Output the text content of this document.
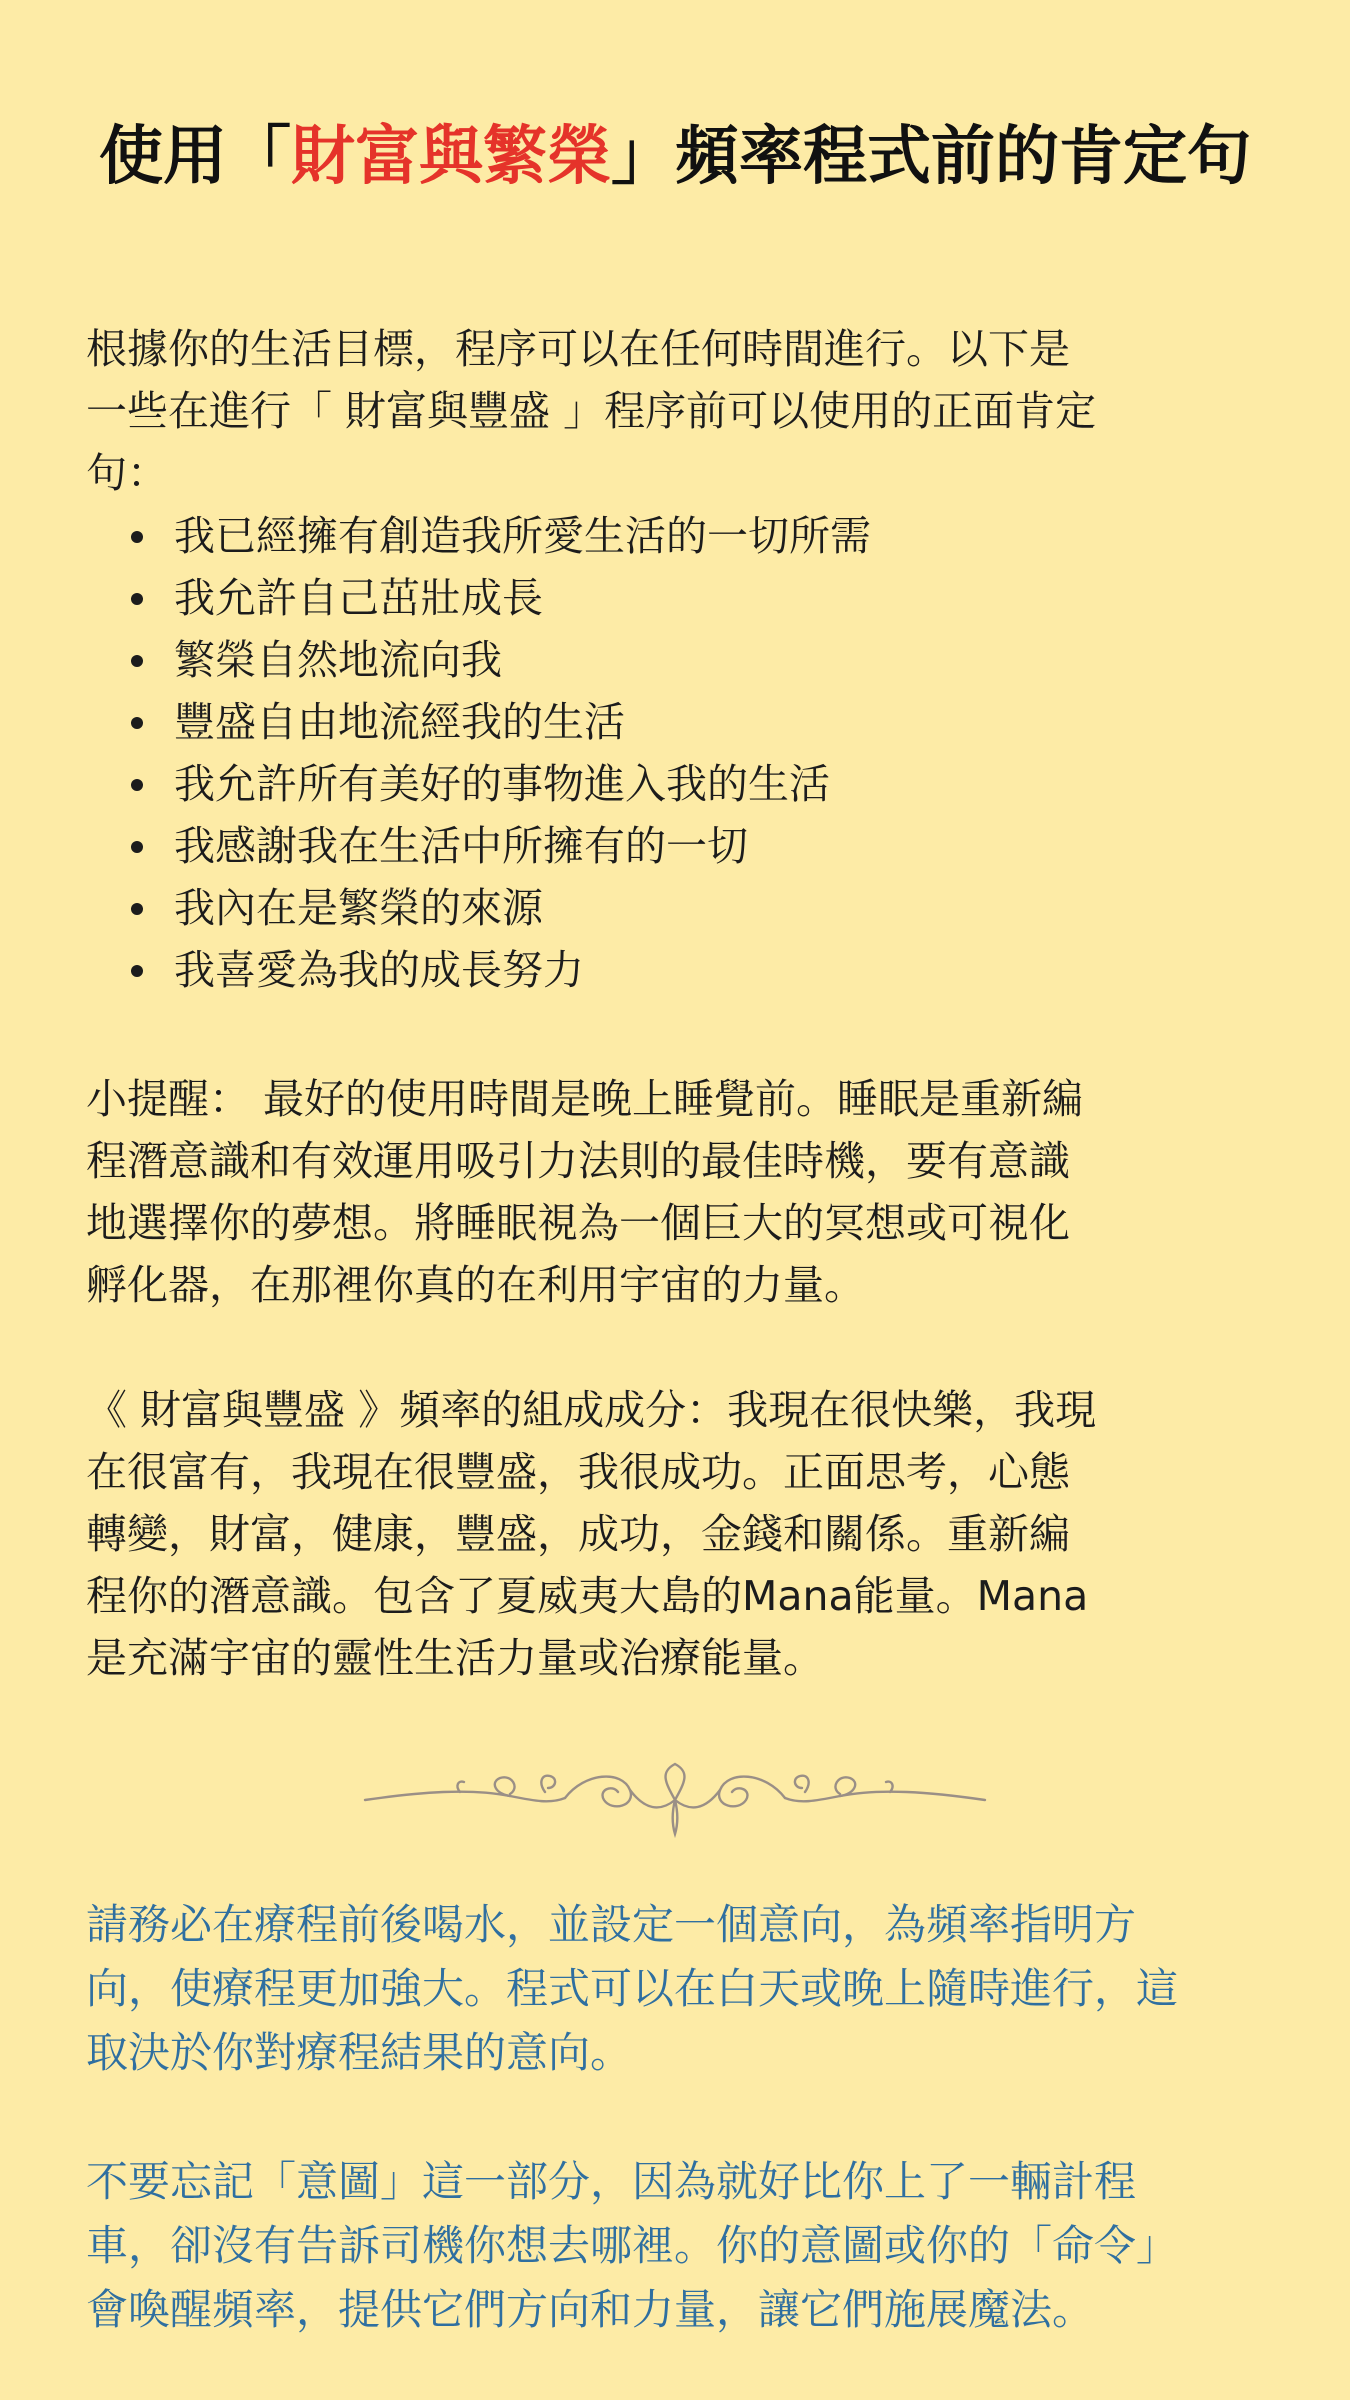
使用「財富與繁榮」頻率程式前的肯定句
根據你的生活目標，程序可以在任何時間進行。以下是
一些在進行「 財富與豐盛 」程序前可以使用的正面肯定
句：
我已經擁有創造我所愛生活的一切所需
我允許自己茁壯成長
繁榮自然地流向我
豐盛自由地流經我的生活
我允許所有美好的事物進入我的生活
我感謝我在生活中所擁有的一切
我內在是繁榮的來源
我喜愛為我的成長努力
小提醒： 最好的使用時間是晚上睡覺前。睡眠是重新編
程潛意識和有效運用吸引力法則的最佳時機，要有意識
地選擇你的夢想。將睡眠視為一個巨大的冥想或可視化
孵化器，在那裡你真的在利用宇宙的力量。
《 財富與豐盛 》頻率的組成成分：我現在很快樂，我現
在很富有，我現在很豐盛，我很成功。正面思考，心態
轉變，財富，健康，豐盛，成功，金錢和關係。重新編
程你的潛意識。包含了夏威夷大島的Mana能量。Mana
是充滿宇宙的靈性生活力量或治療能量。
請務必在療程前後喝水，並設定一個意向，為頻率指明方
向，使療程更加強大。程式可以在白天或晚上隨時進行，這
取決於你對療程結果的意向。
不要忘記「意圖」這一部分，因為就好比你上了一輛計程
車，卻沒有告訴司機你想去哪裡。你的意圖或你的「命令」
會喚醒頻率，提供它們方向和力量，讓它們施展魔法。
